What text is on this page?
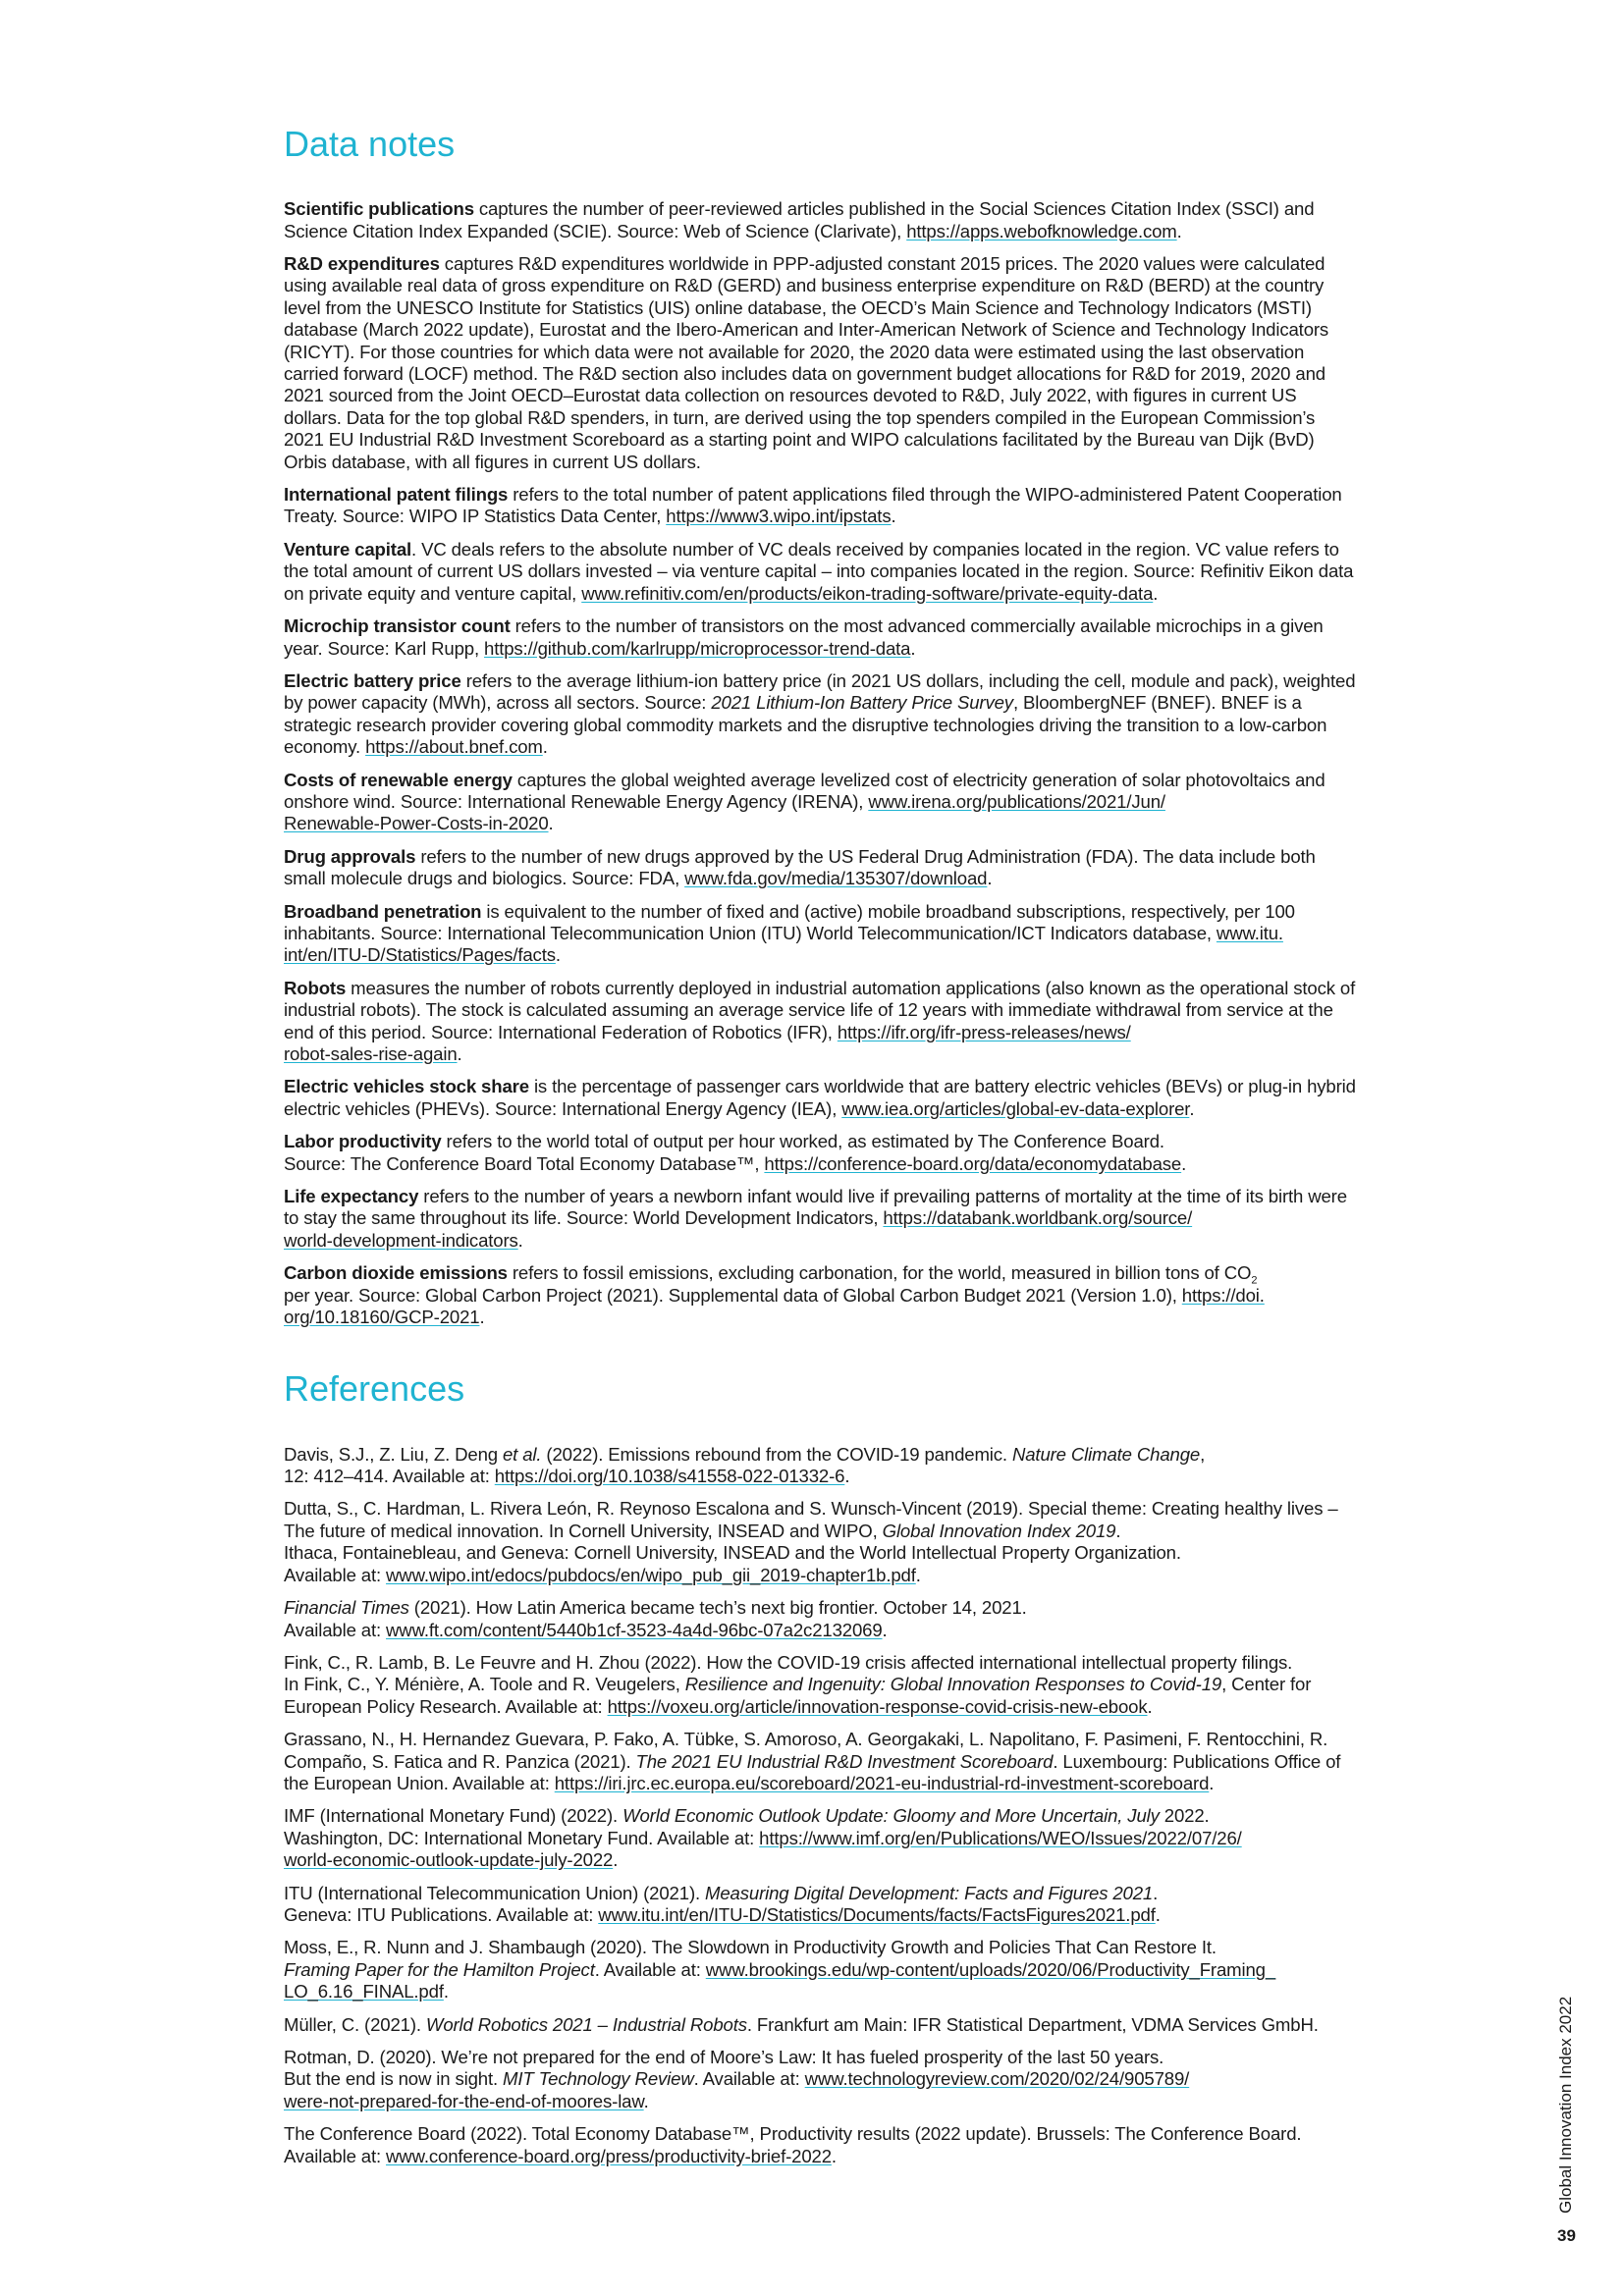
Data notes

Scientific publications captures the number of peer-reviewed articles published in the Social Sciences Citation Index (SSCI) and Science Citation Index Expanded (SCIE). Source: Web of Science (Clarivate), https://apps.webofknowledge.com.

R&D expenditures captures R&D expenditures worldwide in PPP-adjusted constant 2015 prices. The 2020 values were calculated using available real data of gross expenditure on R&D (GERD) and business enterprise expenditure on R&D (BERD) at the country level from the UNESCO Institute for Statistics (UIS) online database, the OECD’s Main Science and Technology Indicators (MSTI) database (March 2022 update), Eurostat and the Ibero-American and Inter-American Network of Science and Technology Indicators (RICYT). For those countries for which data were not available for 2020, the 2020 data were estimated using the last observation carried forward (LOCF) method. The R&D section also includes data on government budget allocations for R&D for 2019, 2020 and 2021 sourced from the Joint OECD–Eurostat data collection on resources devoted to R&D, July 2022, with figures in current US dollars. Data for the top global R&D spenders, in turn, are derived using the top spenders compiled in the European Commission’s 2021 EU Industrial R&D Investment Scoreboard as a starting point and WIPO calculations facilitated by the Bureau van Dijk (BvD) Orbis database, with all figures in current US dollars.

International patent filings refers to the total number of patent applications filed through the WIPO-administered Patent Cooperation Treaty. Source: WIPO IP Statistics Data Center, https://www3.wipo.int/ipstats.

Venture capital. VC deals refers to the absolute number of VC deals received by companies located in the region. VC value refers to the total amount of current US dollars invested – via venture capital – into companies located in the region. Source: Refinitiv Eikon data on private equity and venture capital, www.refinitiv.com/en/products/eikon-trading-software/private-equity-data.

Microchip transistor count refers to the number of transistors on the most advanced commercially available microchips in a given year. Source: Karl Rupp, https://github.com/karlrupp/microprocessor-trend-data.

Electric battery price refers to the average lithium-ion battery price (in 2021 US dollars, including the cell, module and pack), weighted by power capacity (MWh), across all sectors. Source: 2021 Lithium-Ion Battery Price Survey, BloombergNEF (BNEF). BNEF is a strategic research provider covering global commodity markets and the disruptive technologies driving the transition to a low-carbon economy. https://about.bnef.com.

Costs of renewable energy captures the global weighted average levelized cost of electricity generation of solar photovoltaics and onshore wind. Source: International Renewable Energy Agency (IRENA), www.irena.org/publications/2021/Jun/
Renewable-Power-Costs-in-2020.

Drug approvals refers to the number of new drugs approved by the US Federal Drug Administration (FDA). The data include both small molecule drugs and biologics. Source: FDA, www.fda.gov/media/135307/download.

Broadband penetration is equivalent to the number of fixed and (active) mobile broadband subscriptions, respectively, per 100 inhabitants. Source: International Telecommunication Union (ITU) World Telecommunication/ICT Indicators database, www.itu.
int/en/ITU-D/Statistics/Pages/facts.

Robots measures the number of robots currently deployed in industrial automation applications (also known as the operational stock of industrial robots). The stock is calculated assuming an average service life of 12 years with immediate withdrawal from service at the end of this period. Source: International Federation of Robotics (IFR), https://ifr.org/ifr-press-releases/news/
robot-sales-rise-again.

Electric vehicles stock share is the percentage of passenger cars worldwide that are battery electric vehicles (BEVs) or plug-in hybrid electric vehicles (PHEVs). Source: International Energy Agency (IEA), www.iea.org/articles/global-ev-data-explorer.

Labor productivity refers to the world total of output per hour worked, as estimated by The Conference Board.
Source: The Conference Board Total Economy Database™, https://conference-board.org/data/economydatabase.

Life expectancy refers to the number of years a newborn infant would live if prevailing patterns of mortality at the time of its birth were to stay the same throughout its life. Source: World Development Indicators, https://databank.worldbank.org/source/
world-development-indicators.

Carbon dioxide emissions refers to fossil emissions, excluding carbonation, for the world, measured in billion tons of $CO_2$
per year. Source: Global Carbon Project (2021). Supplemental data of Global Carbon Budget 2021 (Version 1.0), https://doi.
org/10.18160/GCP-2021.

References

Davis, S.J., Z. Liu, Z. Deng et al. (2022). Emissions rebound from the COVID-19 pandemic. Nature Climate Change,
12: 412–414. Available at: https://doi.org/10.1038/s41558-022-01332-6.

Dutta, S., C. Hardman, L. Rivera León, R. Reynoso Escalona and S. Wunsch-Vincent (2019). Special theme: Creating healthy lives – The future of medical innovation. In Cornell University, INSEAD and WIPO, Global Innovation Index 2019.
Ithaca, Fontainebleau, and Geneva: Cornell University, INSEAD and the World Intellectual Property Organization.
Available at: www.wipo.int/edocs/pubdocs/en/wipo_pub_gii_2019-chapter1b.pdf.

Financial Times (2021). How Latin America became tech’s next big frontier. October 14, 2021.
Available at: www.ft.com/content/5440b1cf-3523-4a4d-96bc-07a2c2132069.

Fink, C., R. Lamb, B. Le Feuvre and H. Zhou (2022). How the COVID-19 crisis affected international intellectual property filings.
In Fink, C., Y. Ménière, A. Toole and R. Veugelers, Resilience and Ingenuity: Global Innovation Responses to Covid-19, Center for European Policy Research. Available at: https://voxeu.org/article/innovation-response-covid-crisis-new-ebook.

Grassano, N., H. Hernandez Guevara, P. Fako, A. Tübke, S. Amoroso, A. Georgakaki, L. Napolitano, F. Pasimeni, F. Rentocchini, R. Compaño, S. Fatica and R. Panzica (2021). The 2021 EU Industrial R&D Investment Scoreboard. Luxembourg: Publications Office of the European Union. Available at: https://iri.jrc.ec.europa.eu/scoreboard/2021-eu-industrial-rd-investment-scoreboard.

IMF (International Monetary Fund) (2022). World Economic Outlook Update: Gloomy and More Uncertain, July 2022.
Washington, DC: International Monetary Fund. Available at: https://www.imf.org/en/Publications/WEO/Issues/2022/07/26/
world-economic-outlook-update-july-2022.

ITU (International Telecommunication Union) (2021). Measuring Digital Development: Facts and Figures 2021.
Geneva: ITU Publications. Available at: www.itu.int/en/ITU-D/Statistics/Documents/facts/FactsFigures2021.pdf.

Moss, E., R. Nunn and J. Shambaugh (2020). The Slowdown in Productivity Growth and Policies That Can Restore It.
Framing Paper for the Hamilton Project. Available at: www.brookings.edu/wp-content/uploads/2020/06/Productivity_Framing_
LO_6.16_FINAL.pdf.

Müller, C. (2021). World Robotics 2021 – Industrial Robots. Frankfurt am Main: IFR Statistical Department, VDMA Services GmbH.

Rotman, D. (2020). We’re not prepared for the end of Moore’s Law: It has fueled prosperity of the last 50 years.
But the end is now in sight. MIT Technology Review. Available at: www.technologyreview.com/2020/02/24/905789/
were-not-prepared-for-the-end-of-moores-law.

The Conference Board (2022). Total Economy Database™, Productivity results (2022 update). Brussels: The Conference Board.
Available at: www.conference-board.org/press/productivity-brief-2022.	Global Innovation Index 2022
39
